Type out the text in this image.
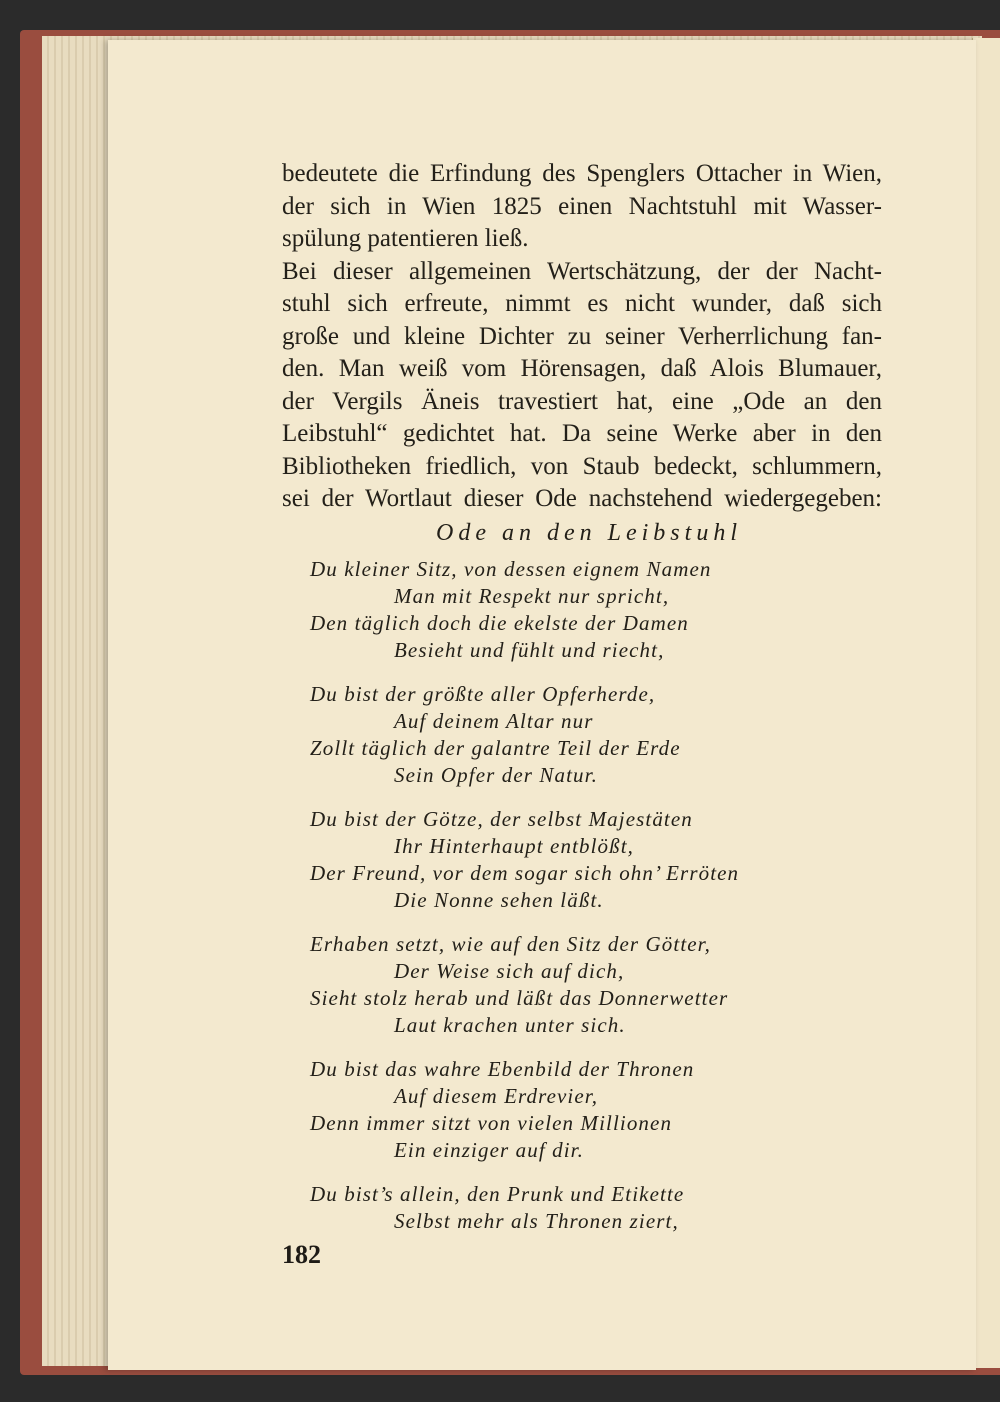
bedeutete die Erfindung des Spenglers Ottacher in Wien,
der sich in Wien 1825 einen Nachtstuhl mit Wasser-
spülung patentieren ließ.
Bei dieser allgemeinen Wertschätzung, der der Nacht-
stuhl sich erfreute, nimmt es nicht wunder, daß sich
große und kleine Dichter zu seiner Verherrlichung fan-
den. Man weiß vom Hörensagen, daß Alois Blumauer,
der Vergils Äneis travestiert hat, eine „Ode an den
Leibstuhl“ gedichtet hat. Da seine Werke aber in den
Bibliotheken friedlich, von Staub bedeckt, schlummern,
sei der Wortlaut dieser Ode nachstehend wiedergegeben:
Ode an den Leibstuhl
Du kleiner Sitz, von dessen eignem Namen
Man mit Respekt nur spricht,
Den täglich doch die ekelste der Damen
Besieht und fühlt und riecht,
Du bist der größte aller Opferherde,
Auf deinem Altar nur
Zollt täglich der galantre Teil der Erde
Sein Opfer der Natur.
Du bist der Götze, der selbst Majestäten
Ihr Hinterhaupt entblößt,
Der Freund, vor dem sogar sich ohn’ Erröten
Die Nonne sehen läßt.
Erhaben setzt, wie auf den Sitz der Götter,
Der Weise sich auf dich,
Sieht stolz herab und läßt das Donnerwetter
Laut krachen unter sich.
Du bist das wahre Ebenbild der Thronen
Auf diesem Erdrevier,
Denn immer sitzt von vielen Millionen
Ein einziger auf dir.
Du bist’s allein, den Prunk und Etikette
Selbst mehr als Thronen ziert,
182
